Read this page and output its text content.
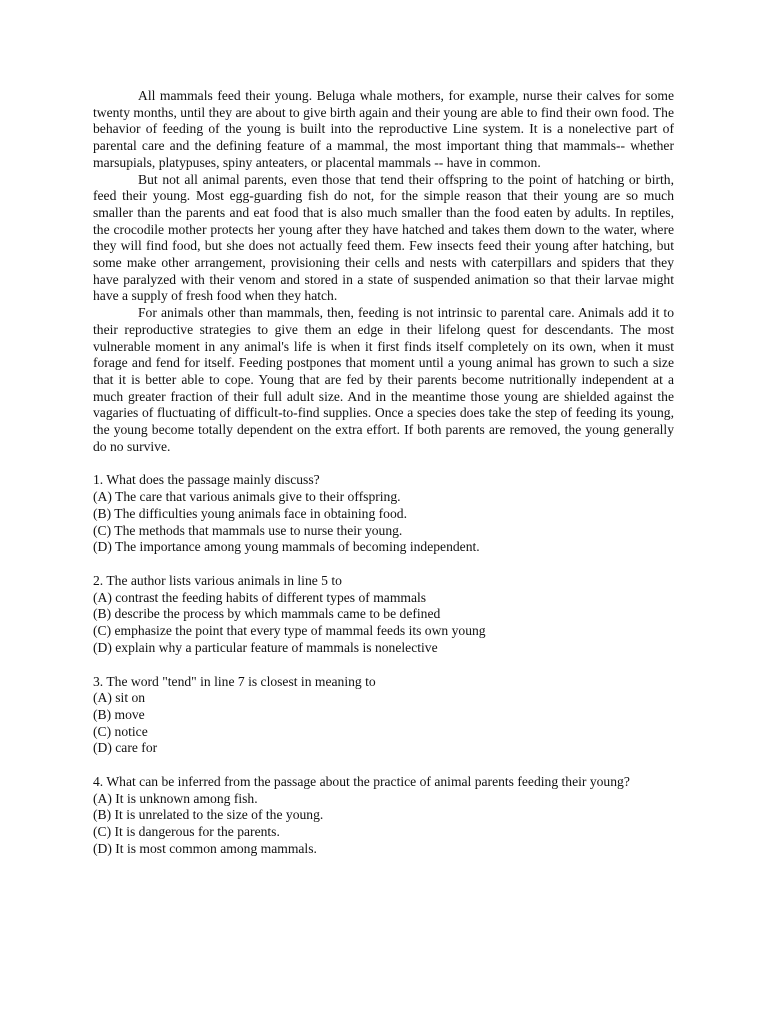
All mammals feed their young. Beluga whale mothers, for example, nurse their calves for some twenty months, until they are about to give birth again and their young are able to find their own food. The behavior of feeding of the young is built into the reproductive Line system. It is a nonelective part of parental care and the defining feature of a mammal, the most important thing that mammals-- whether marsupials, platypuses, spiny anteaters, or placental mammals -- have in common.

But not all animal parents, even those that tend their offspring to the point of hatching or birth, feed their young. Most egg-guarding fish do not, for the simple reason that their young are so much smaller than the parents and eat food that is also much smaller than the food eaten by adults. In reptiles, the crocodile mother protects her young after they have hatched and takes them down to the water, where they will find food, but she does not actually feed them. Few insects feed their young after hatching, but some make other arrangement, provisioning their cells and nests with caterpillars and spiders that they have paralyzed with their venom and stored in a state of suspended animation so that their larvae might have a supply of fresh food when they hatch.

For animals other than mammals, then, feeding is not intrinsic to parental care. Animals add it to their reproductive strategies to give them an edge in their lifelong quest for descendants. The most vulnerable moment in any animal's life is when it first finds itself completely on its own, when it must forage and fend for itself. Feeding postpones that moment until a young animal has grown to such a size that it is better able to cope. Young that are fed by their parents become nutritionally independent at a much greater fraction of their full adult size. And in the meantime those young are shielded against the vagaries of fluctuating of difficult-to-find supplies. Once a species does take the step of feeding its young, the young become totally dependent on the extra effort. If both parents are removed, the young generally do no survive.

1. What does the passage mainly discuss?
(A) The care that various animals give to their offspring.
(B) The difficulties young animals face in obtaining food.
(C) The methods that mammals use to nurse their young.
(D) The importance among young mammals of becoming independent.
2. The author lists various animals in line 5 to
(A) contrast the feeding habits of different types of mammals
(B) describe the process by which mammals came to be defined
(C) emphasize the point that every type of mammal feeds its own young
(D) explain why a particular feature of mammals is nonelective
3. The word "tend" in line 7 is closest in meaning to
(A) sit on
(B) move
(C) notice
(D) care for
4. What can be inferred from the passage about the practice of animal parents feeding their young?
(A) It is unknown among fish.
(B) It is unrelated to the size of the young.
(C) It is dangerous for the parents.
(D) It is most common among mammals.
